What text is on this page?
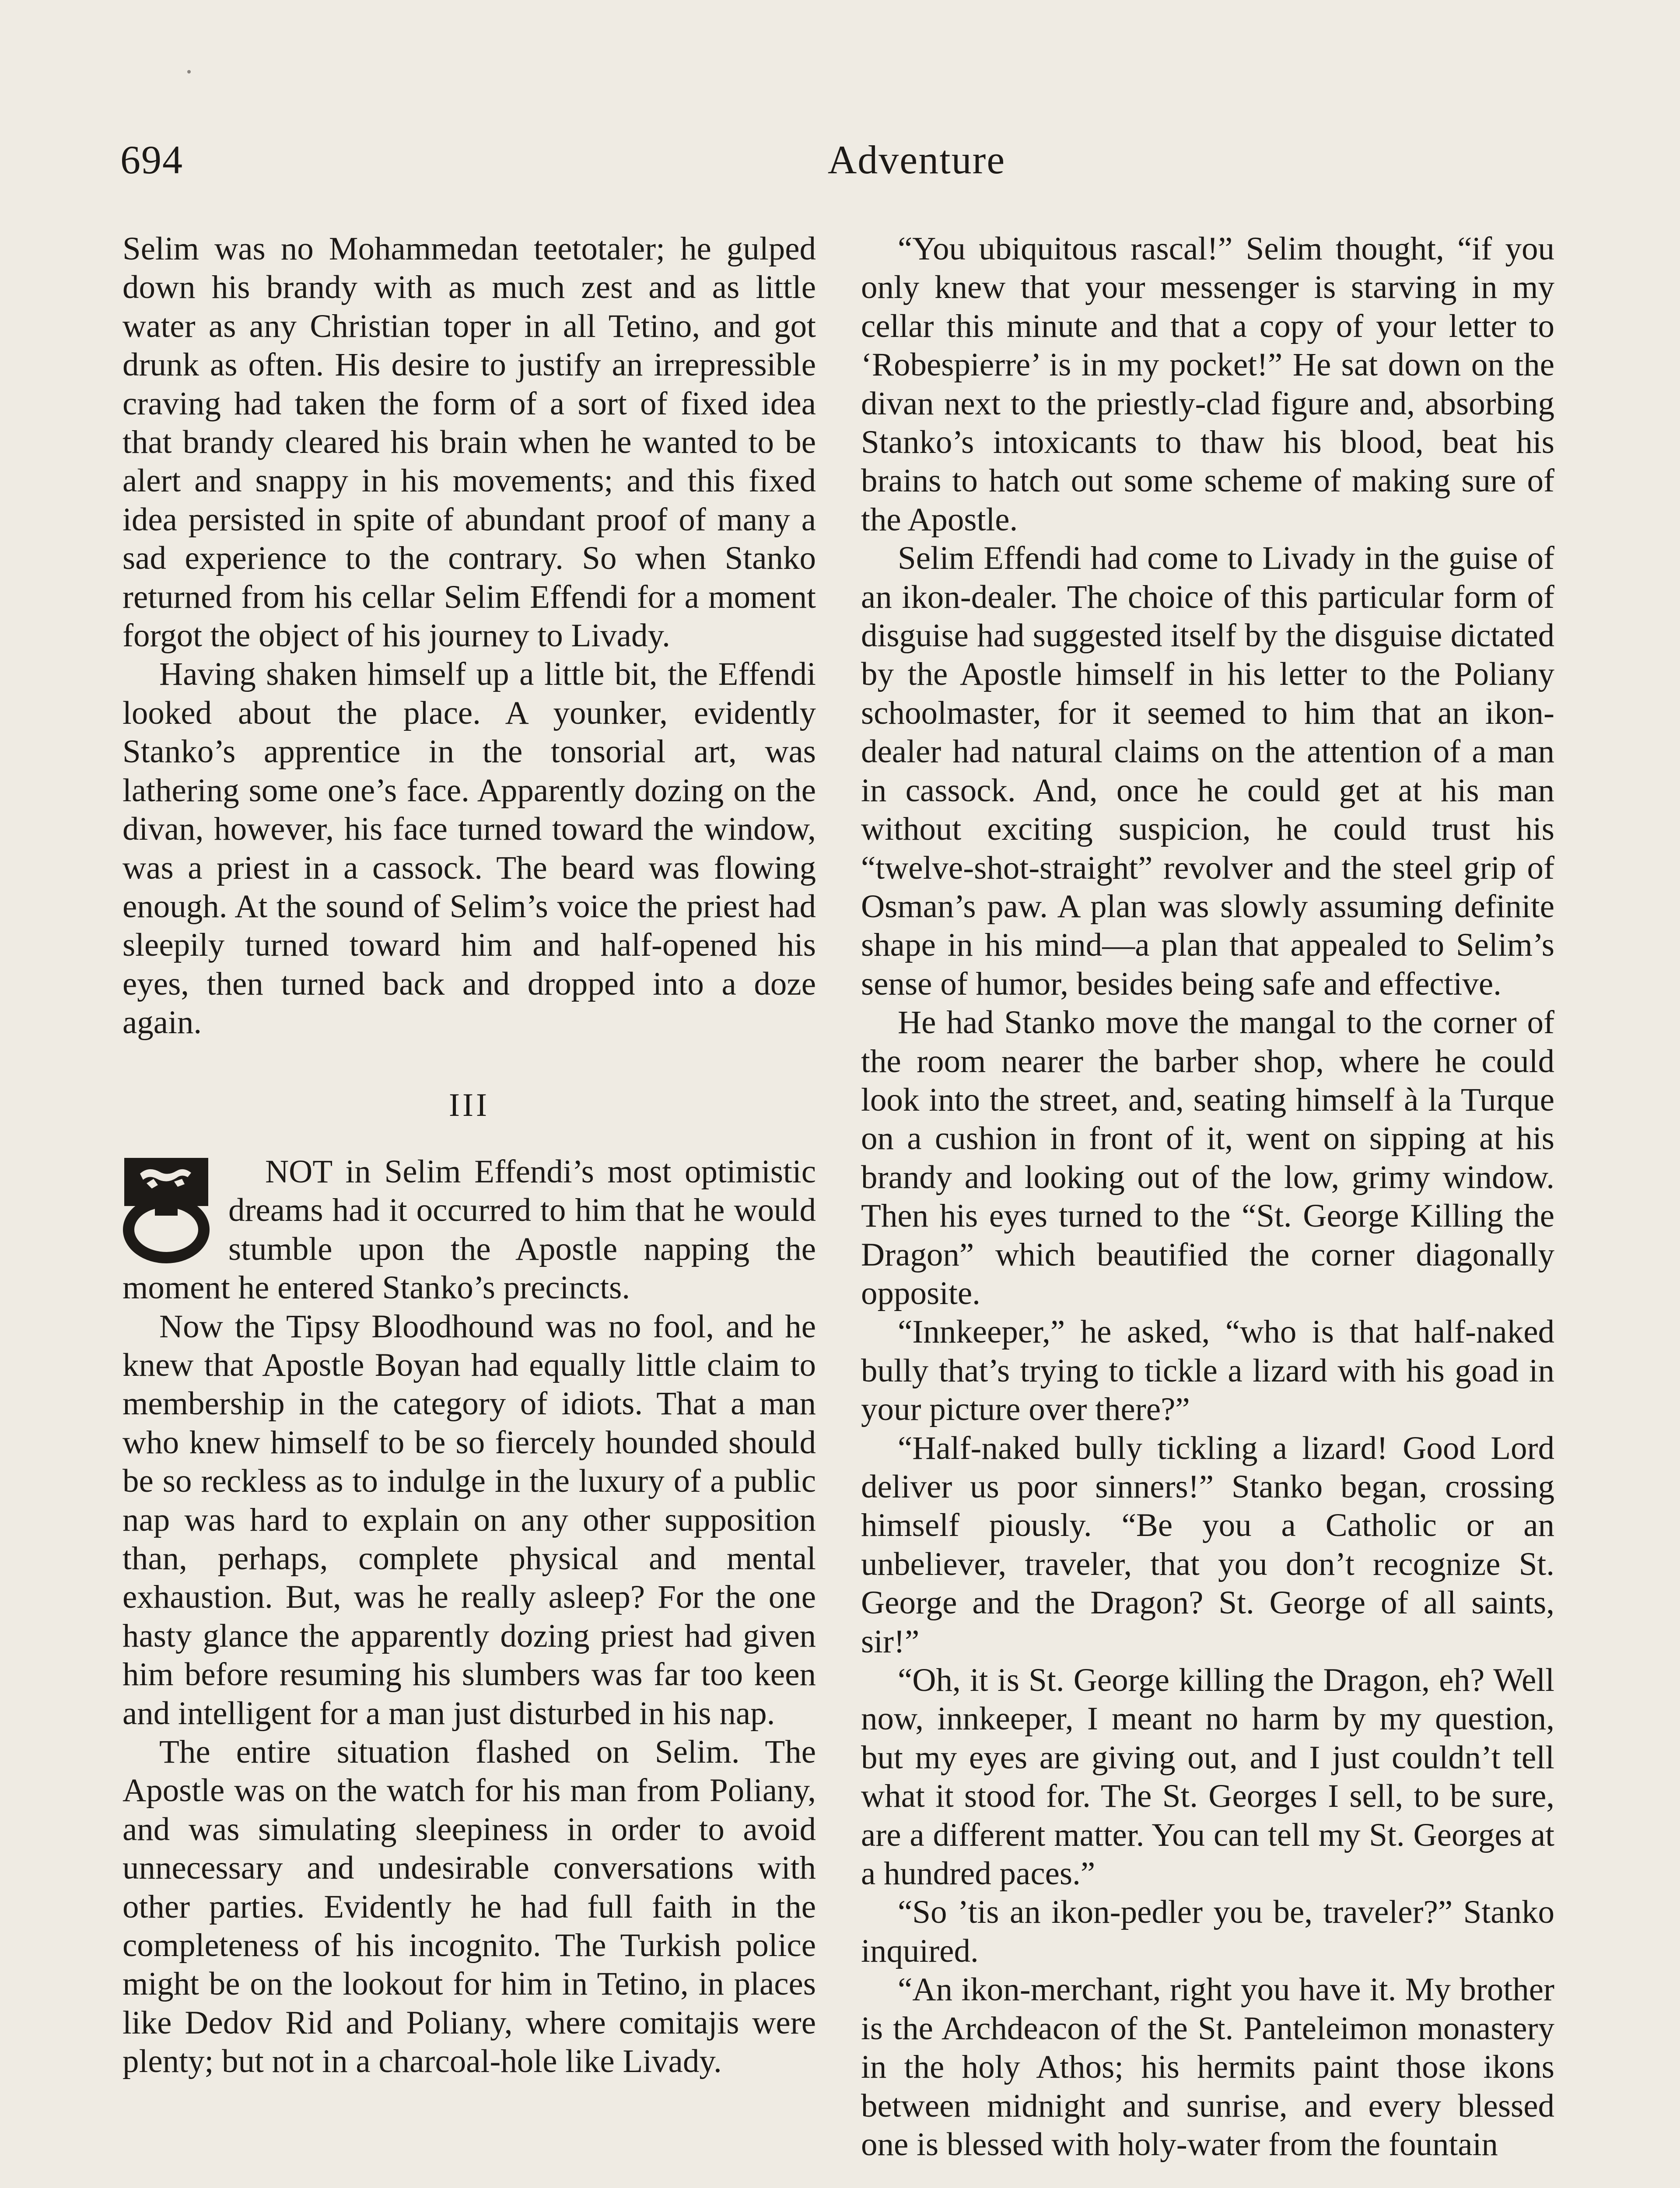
694	Adventure

Selim was no Mohammedan teetotaler; he gulped down his brandy with as much zest and as little water as any Christian toper in all Tetino, and got drunk as often. His desire to justify an irrepressible craving had taken the form of a sort of fixed idea that brandy cleared his brain when he wanted to be alert and snappy in his movements; and this fixed idea persisted in spite of abundant proof of many a sad experience to the contrary. So when Stanko returned from his cellar Selim Effendi for a moment forgot the object of his journey to Livady.

Having shaken himself up a little bit, the Effendi looked about the place. A younker, evidently Stanko’s apprentice in the tonsorial art, was lathering some one’s face. Apparently dozing on the divan, however, his face turned toward the window, was a priest in a cassock. The beard was flowing enough. At the sound of Selim’s voice the priest had sleepily turned toward him and half-opened his eyes, then turned back and dropped into a doze again.

III

NOT in Selim Effendi’s most optimistic dreams had it occurred to him that he would stumble upon the Apostle napping the moment he entered Stanko’s precincts.

Now the Tipsy Bloodhound was no fool, and he knew that Apostle Boyan had equally little claim to membership in the category of idiots. That a man who knew himself to be so fiercely hounded should be so reckless as to indulge in the luxury of a public nap was hard to explain on any other supposition than, perhaps, complete physical and mental exhaustion. But, was he really asleep? For the one hasty glance the apparently dozing priest had given him before resuming his slumbers was far too keen and intelligent for a man just disturbed in his nap.

The entire situation flashed on Selim. The Apostle was on the watch for his man from Poliany, and was simulating sleepiness in order to avoid unnecessary and undesirable conversations with other parties. Evidently he had full faith in the completeness of his incognito. The Turkish police might be on the lookout for him in Tetino, in places like Dedov Rid and Poliany, where comitajis were plenty; but not in a charcoal-hole like Livady.

“You ubiquitous rascal!” Selim thought, “if you only knew that your messenger is starving in my cellar this minute and that a copy of your letter to ‘Robespierre’ is in my pocket!” He sat down on the divan next to the priestly-clad figure and, absorbing Stanko’s intoxicants to thaw his blood, beat his brains to hatch out some scheme of making sure of the Apostle.

Selim Effendi had come to Livady in the guise of an ikon-dealer. The choice of this particular form of disguise had suggested itself by the disguise dictated by the Apostle himself in his letter to the Poliany schoolmaster, for it seemed to him that an ikon-dealer had natural claims on the attention of a man in cassock. And, once he could get at his man without exciting suspicion, he could trust his “twelve-shot-straight” revolver and the steel grip of Osman’s paw. A plan was slowly assuming definite shape in his mind—a plan that appealed to Selim’s sense of humor, besides being safe and effective.

He had Stanko move the mangal to the corner of the room nearer the barber shop, where he could look into the street, and, seating himself à la Turque on a cushion in front of it, went on sipping at his brandy and looking out of the low, grimy window. Then his eyes turned to the “St. George Killing the Dragon” which beautified the corner diagonally opposite.

“Innkeeper,” he asked, “who is that half-naked bully that’s trying to tickle a lizard with his goad in your picture over there?”

“Half-naked bully tickling a lizard! Good Lord deliver us poor sinners!” Stanko began, crossing himself piously. “Be you a Catholic or an unbeliever, traveler, that you don’t recognize St. George and the Dragon? St. George of all saints, sir!”

“Oh, it is St. George killing the Dragon, eh? Well now, innkeeper, I meant no harm by my question, but my eyes are giving out, and I just couldn’t tell what it stood for. The St. Georges I sell, to be sure, are a different matter. You can tell my St. Georges at a hundred paces.”

“So ’tis an ikon-pedler you be, traveler?” Stanko inquired.

“An ikon-merchant, right you have it. My brother is the Archdeacon of the St. Panteleimon monastery in the holy Athos; his hermits paint those ikons between midnight and sunrise, and every blessed one is blessed with holy-water from the fountain
